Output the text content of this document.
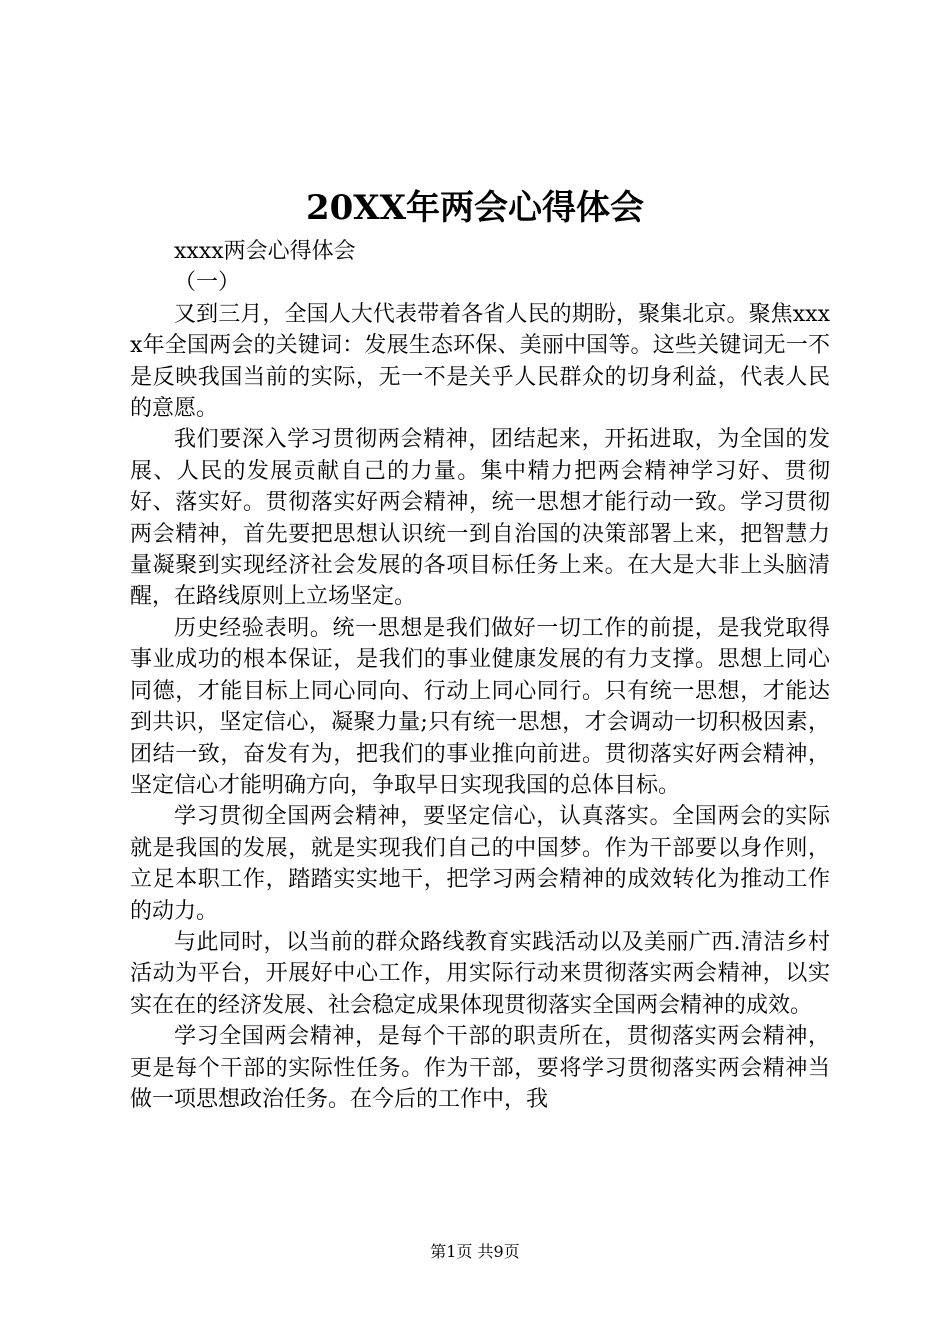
20XX年两会心得体会

xxxx两会心得体会

（一）

又到三月，全国人大代表带着各省人民的期盼，聚集北京。聚焦xxxx年全国两会的关键词：发展生态环保、美丽中国等。这些关键词无一不是反映我国当前的实际，无一不是关乎人民群众的切身利益，代表人民的意愿。

我们要深入学习贯彻两会精神，团结起来，开拓进取，为全国的发展、人民的发展贡献自己的力量。集中精力把两会精神学习好、贯彻好、落实好。贯彻落实好两会精神，统一思想才能行动一致。学习贯彻两会精神，首先要把思想认识统一到自治国的决策部署上来，把智慧力量凝聚到实现经济社会发展的各项目标任务上来。在大是大非上头脑清醒，在路线原则上立场坚定。

历史经验表明。统一思想是我们做好一切工作的前提，是我党取得事业成功的根本保证，是我们的事业健康发展的有力支撑。思想上同心同德，才能目标上同心同向、行动上同心同行。只有统一思想，才能达到共识，坚定信心，凝聚力量;只有统一思想，才会调动一切积极因素，团结一致，奋发有为，把我们的事业推向前进。贯彻落实好两会精神，坚定信心才能明确方向，争取早日实现我国的总体目标。

学习贯彻全国两会精神，要坚定信心，认真落实。全国两会的实际就是我国的发展，就是实现我们自己的中国梦。作为干部要以身作则，立足本职工作，踏踏实实地干，把学习两会精神的成效转化为推动工作的动力。

与此同时，以当前的群众路线教育实践活动以及美丽广西.清洁乡村活动为平台，开展好中心工作，用实际行动来贯彻落实两会精神，以实实在在的经济发展、社会稳定成果体现贯彻落实全国两会精神的成效。

学习全国两会精神，是每个干部的职责所在，贯彻落实两会精神，更是每个干部的实际性任务。作为干部，要将学习贯彻落实两会精神当做一项思想政治任务。在今后的工作中，我

第1页 共9页
